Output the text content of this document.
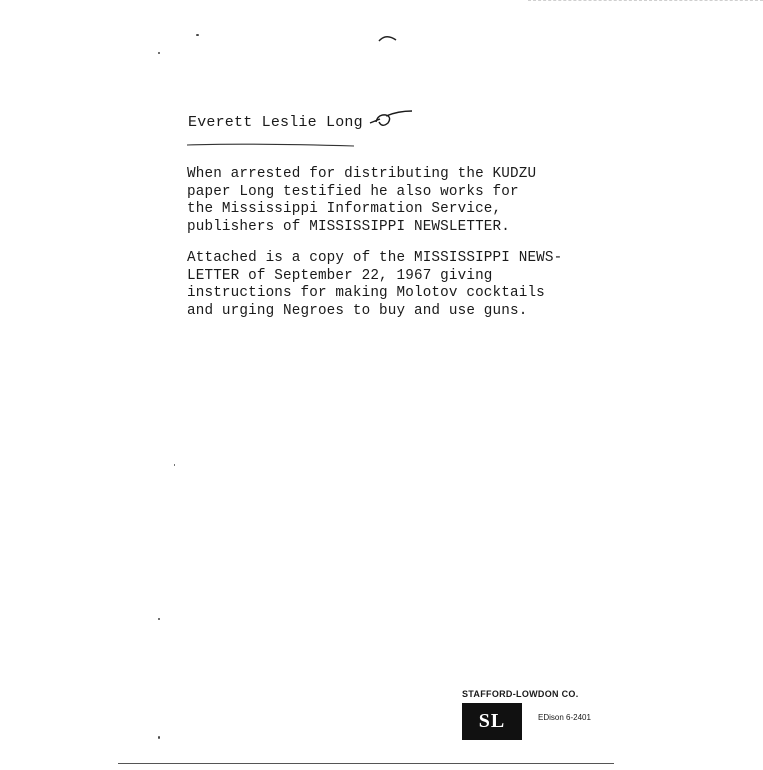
Everett Leslie Long

When arrested for distributing the KUDZU
paper Long testified he also works for
the Mississippi Information Service,
publishers of MISSISSIPPI NEWSLETTER.

Attached is a copy of the MISSISSIPPI NEWS-
LETTER of September 22, 1967 giving
instructions for making Molotov cocktails
and urging Negroes to buy and use guns.

STAFFORD-LOWDON CO.
SL	EDison 6-2401
